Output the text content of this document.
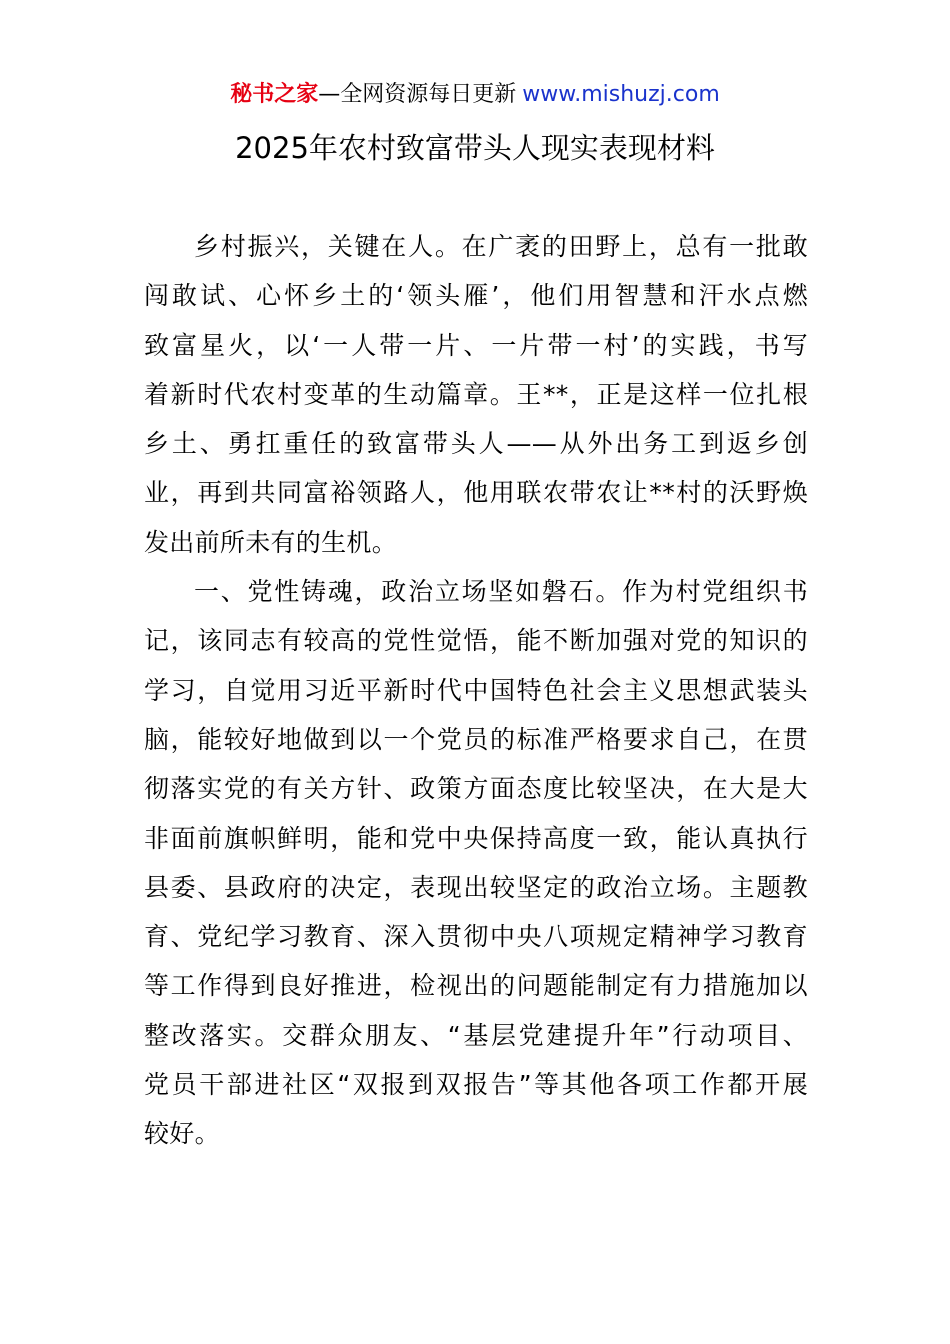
秘书之家—全网资源每日更新 www.mishuzj.com
2025年农村致富带头人现实表现材料
乡村振兴，关键在人。在广袤的田野上，总有一批敢
闯敢试、心怀乡土的‘领头雁’，他们用智慧和汗水点燃
致富星火，以‘一人带一片、一片带一村’的实践，书写
着新时代农村变革的生动篇章。王**，正是这样一位扎根
乡土、勇扛重任的致富带头人——从外出务工到返乡创
业，再到共同富裕领路人，他用联农带农让**村的沃野焕
发出前所未有的生机。
一、党性铸魂，政治立场坚如磐石。作为村党组织书
记，该同志有较高的党性觉悟，能不断加强对党的知识的
学习，自觉用习近平新时代中国特色社会主义思想武装头
脑，能较好地做到以一个党员的标准严格要求自己，在贯
彻落实党的有关方针、政策方面态度比较坚决，在大是大
非面前旗帜鲜明，能和党中央保持高度一致，能认真执行
县委、县政府的决定，表现出较坚定的政治立场。主题教
育、党纪学习教育、深入贯彻中央八项规定精神学习教育
等工作得到良好推进，检视出的问题能制定有力措施加以
整改落实。交群众朋友、“基层党建提升年”行动项目、
党员干部进社区“双报到双报告”等其他各项工作都开展
较好。
